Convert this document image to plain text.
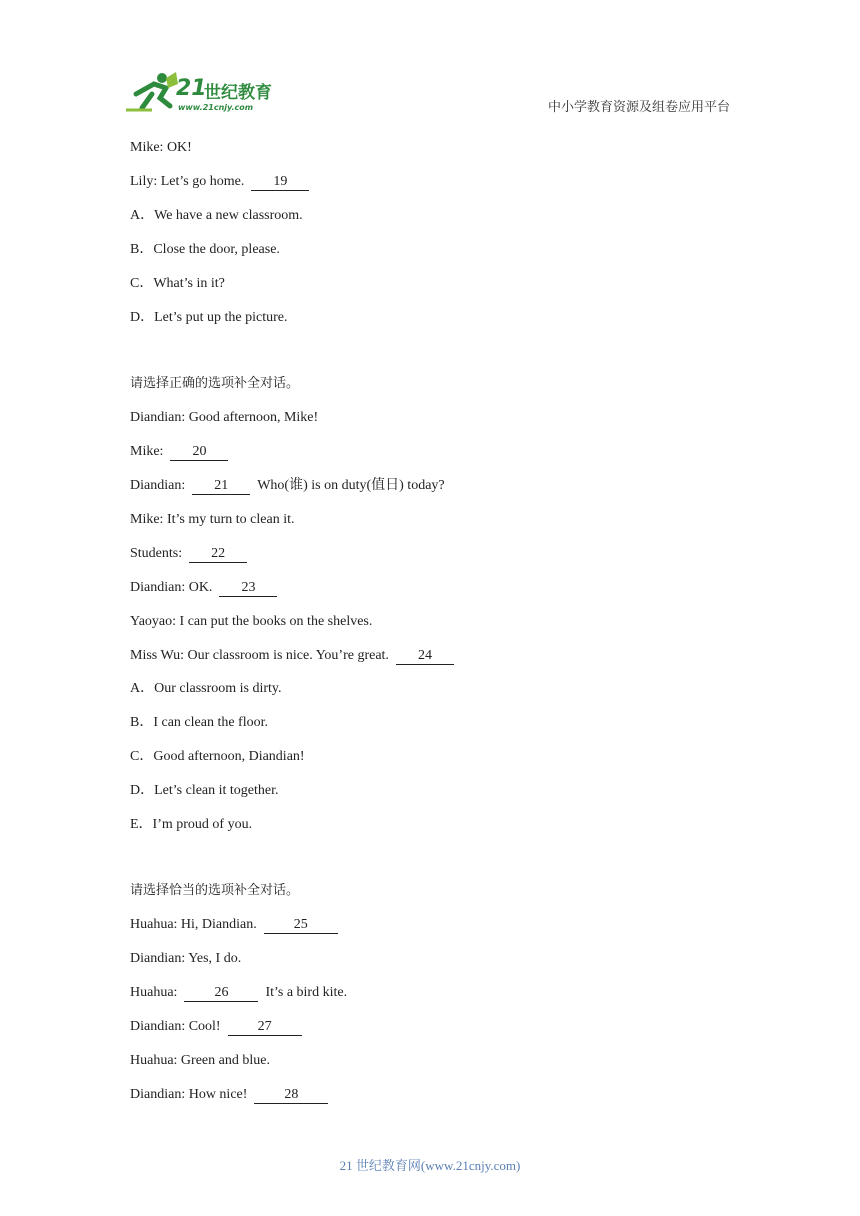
21
世纪教育
www.21cnjy.com	中小学教育资源及组卷应用平台
Mike: OK!
Lily: Let’s go home. 19
A．We have a new classroom.
B．Close the door, please.
C．What’s in it?
D．Let’s put up the picture.
请选择正确的选项补全对话。
Diandian: Good afternoon, Mike!
Mike: 20
Diandian: 21 Who(谁) is on duty(值日) today?
Mike: It’s my turn to clean it.
Students: 22
Diandian: OK. 23
Yaoyao: I can put the books on the shelves.
Miss Wu: Our classroom is nice. You’re great. 24
A．Our classroom is dirty.
B．I can clean the floor.
C．Good afternoon, Diandian!
D．Let’s clean it together.
E．I’m proud of you.
请选择恰当的选项补全对话。
Huahua: Hi, Diandian.	25
Diandian: Yes, I do.
Huahua:	26	It’s a bird kite.
Diandian: Cool!	27
Huahua: Green and blue.
Diandian: How nice!	28
21 世纪教育网(www.21cnjy.com)
